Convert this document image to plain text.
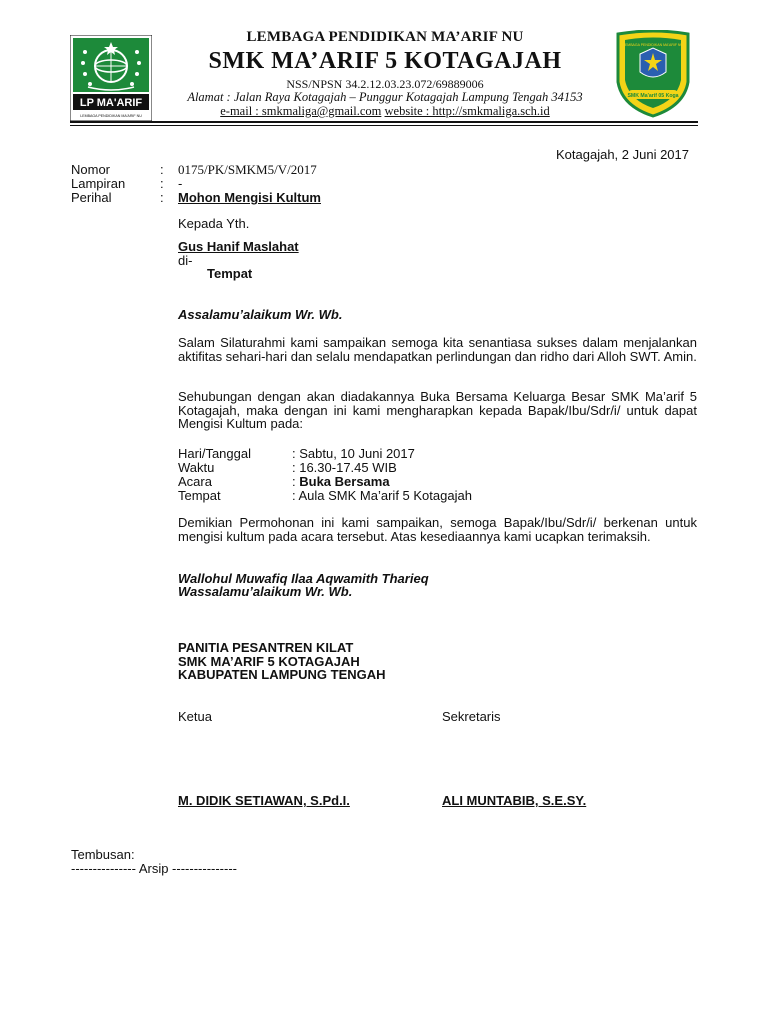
LP MA'ARIF
LEMBAGA PENDIDIKAN MA'ARIF NU
LEMBAGA PENDIDIKAN MA’ARIF NU
SMK MA’ARIF 5 KOTAGAJAH
NSS/NPSN 34.2.12.03.23.072/69889006
Alamat : Jalan Raya Kotagajah – Punggur Kotagajah Lampung Tengah 34153
e-mail : smkmaliga@gmail.com website : http://smkmaliga.sch.id
LEMBAGA PENDIDIKAN MA'ARIF NU
SMK Ma'arif 05 Koga
Kotagajah, 2 Juni 2017
Nomor	: 0175/PK/SMKM5/V/2017
Lampiran	: -
Perihal	: Mohon Mengisi Kultum
Kepada Yth.
Gus Hanif Maslahat
di-
Tempat
Assalamu’alaikum Wr. Wb.
Salam Silaturahmi kami sampaikan semoga kita senantiasa sukses dalam menjalankan aktifitas sehari-hari dan selalu mendapatkan perlindungan dan ridho dari Alloh SWT. Amin.
Sehubungan dengan akan diadakannya Buka Bersama Keluarga Besar SMK Ma’arif 5 Kotagajah, maka dengan ini kami mengharapkan kepada Bapak/Ibu/Sdr/i/ untuk dapat Mengisi Kultum pada:
Hari/Tanggal	: Sabtu, 10 Juni 2017
Waktu	: 16.30-17.45 WIB
Acara	: Buka Bersama
Tempat	: Aula SMK Ma’arif 5 Kotagajah
Demikian Permohonan ini kami sampaikan, semoga Bapak/Ibu/Sdr/i/ berkenan untuk mengisi kultum pada acara tersebut. Atas kesediaannya kami ucapkan terimaksih.
Wallohul Muwafiq Ilaa Aqwamith Tharieq
Wassalamu’alaikum Wr. Wb.
PANITIA PESANTREN KILAT
SMK MA’ARIF 5 KOTAGAJAH
KABUPATEN LAMPUNG TENGAH
Ketua	Sekretaris
M. DIDIK SETIAWAN, S.Pd.I.	ALI MUNTABIB, S.E.SY.
Tembusan:
--------------- Arsip ---------------
